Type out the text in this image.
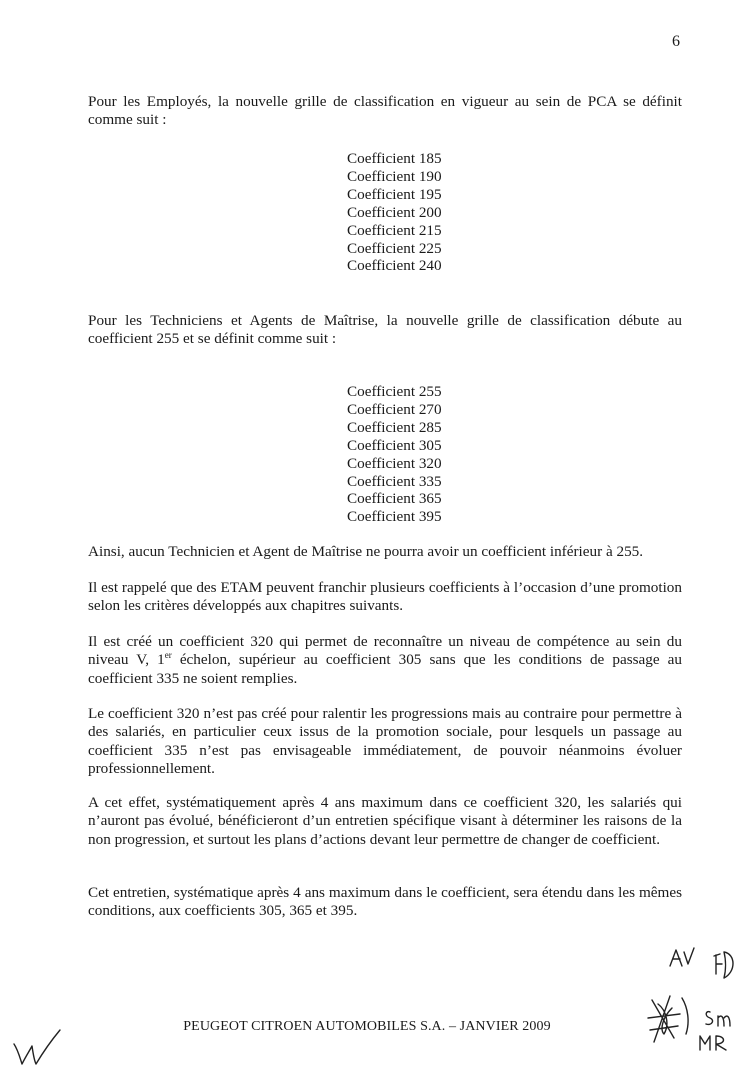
6

Pour les Employés, la nouvelle grille de classification en vigueur au sein de PCA se définit comme suit :

Coefficient 185
Coefficient 190
Coefficient 195
Coefficient 200
Coefficient 215
Coefficient 225
Coefficient 240

Pour les Techniciens et Agents de Maîtrise, la nouvelle grille de classification débute au coefficient 255 et se définit comme suit :

Coefficient 255
Coefficient 270
Coefficient 285
Coefficient 305
Coefficient 320
Coefficient 335
Coefficient 365
Coefficient 395

Ainsi, aucun Technicien et Agent de Maîtrise ne pourra avoir un coefficient inférieur à 255.

Il est rappelé que des ETAM peuvent franchir plusieurs coefficients à l’occasion d’une promotion selon les critères développés aux chapitres suivants.

Il est créé un coefficient 320 qui permet de reconnaître un niveau de compétence au sein du niveau V, 1er échelon, supérieur au coefficient 305 sans que les conditions de passage au coefficient 335 ne soient remplies.

Le coefficient 320 n’est pas créé pour ralentir les progressions mais au contraire pour permettre à des salariés, en particulier ceux issus de la promotion sociale, pour lesquels un passage au coefficient 335 n’est pas envisageable immédiatement, de pouvoir néanmoins évoluer professionnellement.

A cet effet, systématiquement après 4 ans maximum dans ce coefficient 320, les salariés qui n’auront pas évolué, bénéficieront d’un entretien spécifique visant à déterminer les raisons de la non progression, et surtout les plans d’actions devant leur permettre de changer de coefficient.

Cet entretien, systématique après 4 ans maximum dans le coefficient, sera étendu dans les mêmes conditions, aux coefficients 305, 365 et 395.

PEUGEOT CITROEN AUTOMOBILES S.A. – JANVIER 2009
